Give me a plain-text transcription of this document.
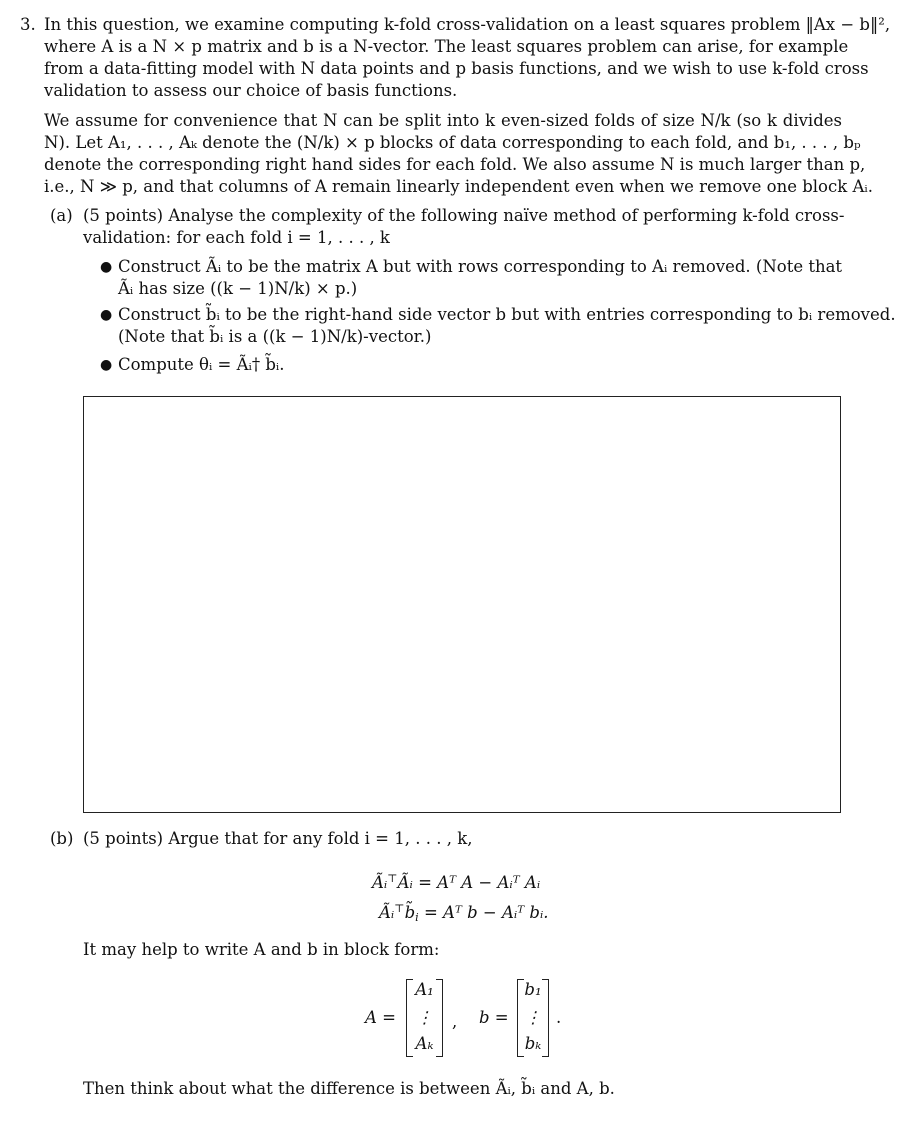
3. In this question, we examine computing k-fold cross-validation on a least squares problem ‖Ax − b‖²,
where A is a N × p matrix and b is a N-vector. The least squares problem can arise, for example
from a data-fitting model with N data points and p basis functions, and we wish to use k-fold cross
validation to assess our choice of basis functions.
We assume for convenience that N can be split into k even-sized folds of size N/k (so k divides
N). Let A₁, . . . , Aₖ denote the (N/k) × p blocks of data corresponding to each fold, and b₁, . . . , bₚ
denote the corresponding right hand sides for each fold. We also assume N is much larger than p,
i.e., N ≫ p, and that columns of A remain linearly independent even when we remove one block Aᵢ.
(a) (5 points) Analyse the complexity of the following naïve method of performing k-fold cross-
validation: for each fold i = 1, . . . , k
● Construct Ãᵢ to be the matrix A but with rows corresponding to Aᵢ removed. (Note that
Ãᵢ has size ((k − 1)N/k) × p.)
● Construct b̃ᵢ to be the right-hand side vector b but with entries corresponding to bᵢ removed.
(Note that b̃ᵢ is a ((k − 1)N/k)-vector.)
● Compute θᵢ = Ãᵢ† b̃ᵢ.
(b) (5 points) Argue that for any fold i = 1, . . . , k,
Ãᵢ⊤Ãᵢ = Aᵀ A − Aᵢᵀ Aᵢ
$Ãᵢ^⊤b̃_i$ = Aᵀ b − Aᵢᵀ bᵢ.
It may help to write A and b in block form:
A =
A₁
⋮
Aₖ
, b =
b₁
⋮
bₖ
.
Then think about what the difference is between Ãᵢ, b̃ᵢ and A, b.
